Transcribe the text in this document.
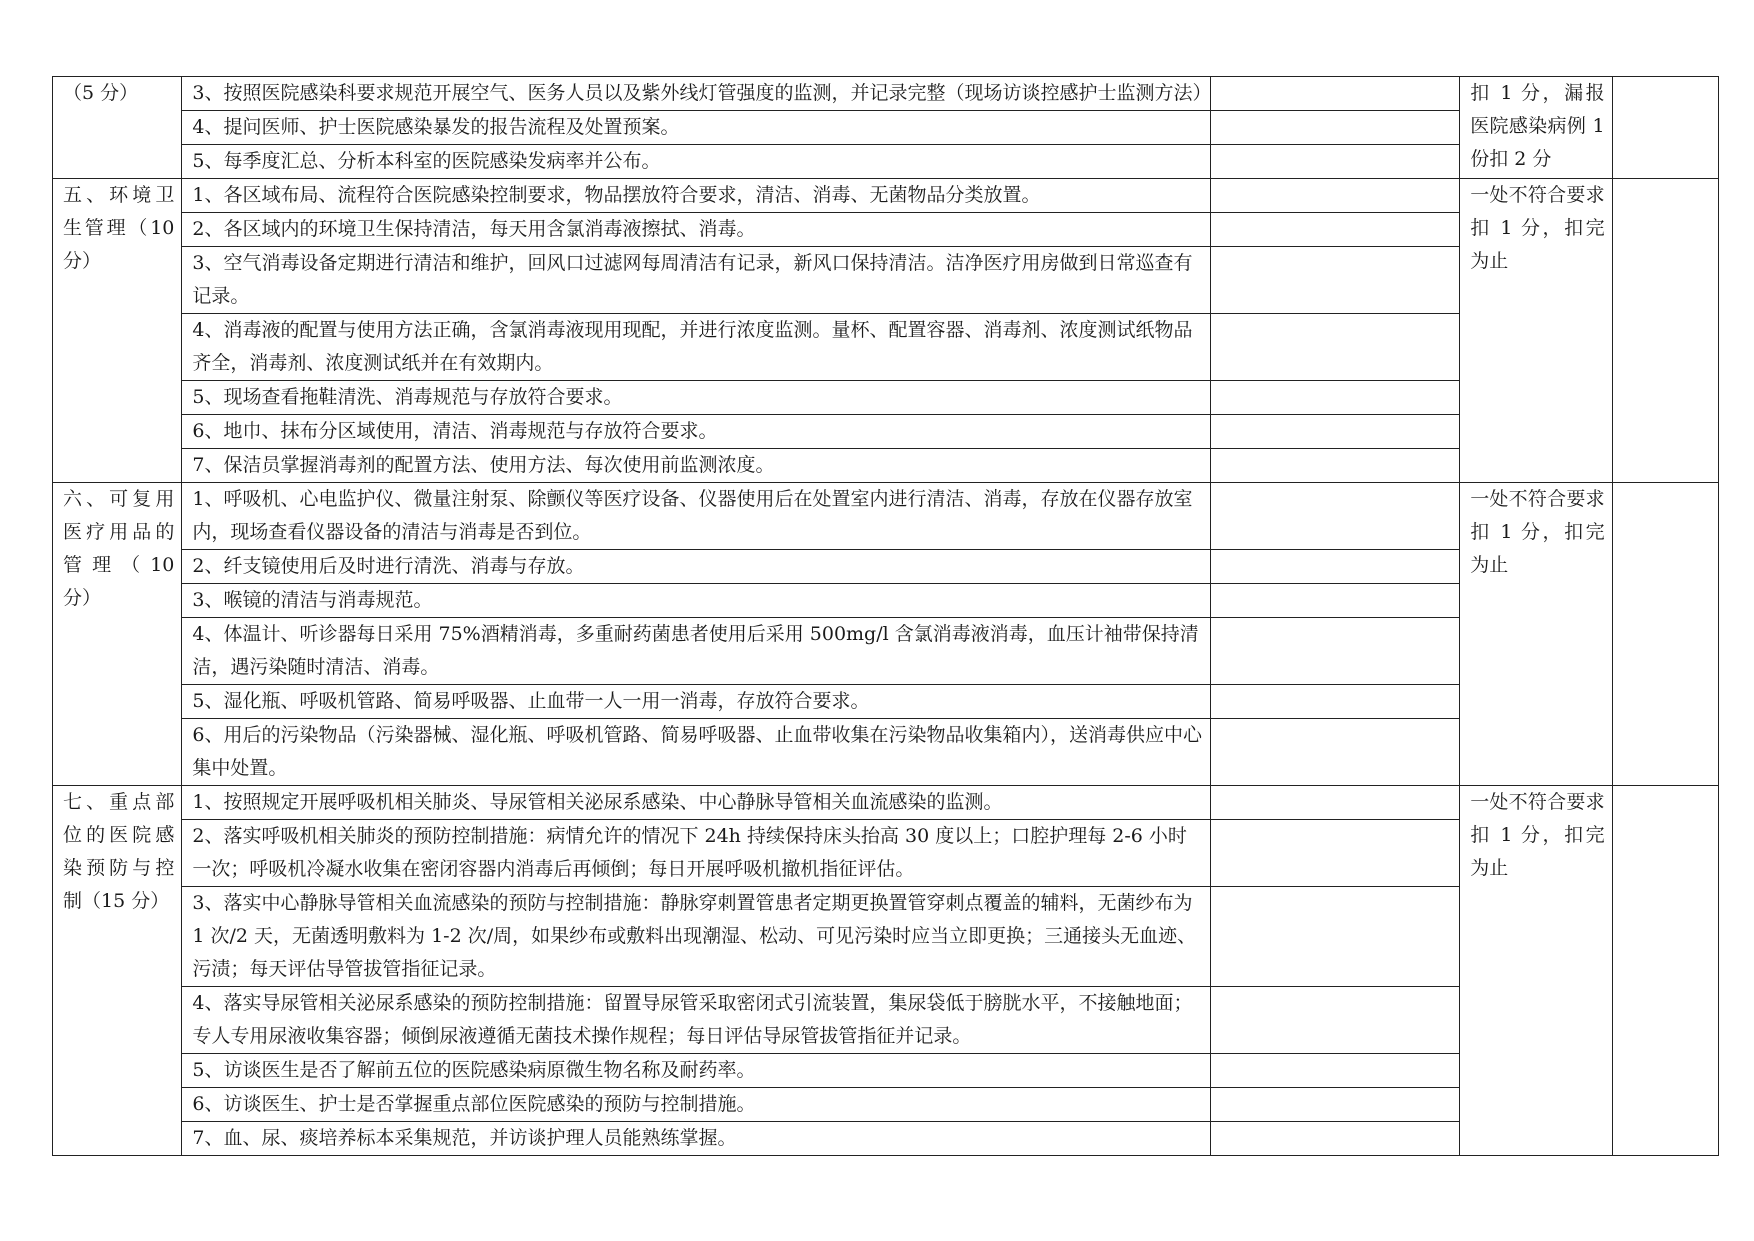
（5 分）	3、按照医院感染科要求规范开展空气、医务人员以及紫外线灯管强度的监测，并记录完整（现场访谈控感护士监测方法）		扣 1 分，漏报医院感染病例 1 份扣 2 分	
	4、提问医师、护士医院感染暴发的报告流程及处置预案。			
	5、每季度汇总、分析本科室的医院感染发病率并公布。			
五、环境卫生管理（10 分）	1、各区域布局、流程符合医院感染控制要求，物品摆放符合要求，清洁、消毒、无菌物品分类放置。		一处不符合要求扣 1 分，扣完为止	
	2、各区域内的环境卫生保持清洁，每天用含氯消毒液擦拭、消毒。			
	3、空气消毒设备定期进行清洁和维护，回风口过滤网每周清洁有记录，新风口保持清洁。洁净医疗用房做到日常巡查有记录。			
	4、消毒液的配置与使用方法正确，含氯消毒液现用现配，并进行浓度监测。量杯、配置容器、消毒剂、浓度测试纸物品齐全，消毒剂、浓度测试纸并在有效期内。			
	5、现场查看拖鞋清洗、消毒规范与存放符合要求。			
	6、地巾、抹布分区域使用，清洁、消毒规范与存放符合要求。			
	7、保洁员掌握消毒剂的配置方法、使用方法、每次使用前监测浓度。			
六、可复用医疗用品的管理（10 分）	1、呼吸机、心电监护仪、微量注射泵、除颤仪等医疗设备、仪器使用后在处置室内进行清洁、消毒，存放在仪器存放室内，现场查看仪器设备的清洁与消毒是否到位。		一处不符合要求扣 1 分，扣完为止	
	2、纤支镜使用后及时进行清洗、消毒与存放。			
	3、喉镜的清洁与消毒规范。			
	4、体温计、听诊器每日采用 75%酒精消毒，多重耐药菌患者使用后采用 500mg/l 含氯消毒液消毒，血压计袖带保持清洁，遇污染随时清洁、消毒。			
	5、湿化瓶、呼吸机管路、简易呼吸器、止血带一人一用一消毒，存放符合要求。			
	6、用后的污染物品（污染器械、湿化瓶、呼吸机管路、简易呼吸器、止血带收集在污染物品收集箱内），送消毒供应中心集中处置。			
七、重点部位的医院感染预防与控制（15 分）	1、按照规定开展呼吸机相关肺炎、导尿管相关泌尿系感染、中心静脉导管相关血流感染的监测。		一处不符合要求扣 1 分，扣完为止	
	2、落实呼吸机相关肺炎的预防控制措施：病情允许的情况下 24h 持续保持床头抬高 30 度以上；口腔护理每 2-6 小时一次；呼吸机冷凝水收集在密闭容器内消毒后再倾倒；每日开展呼吸机撤机指征评估。			
	3、落实中心静脉导管相关血流感染的预防与控制措施：静脉穿刺置管患者定期更换置管穿刺点覆盖的辅料，无菌纱布为 1 次/2 天，无菌透明敷料为 1-2 次/周，如果纱布或敷料出现潮湿、松动、可见污染时应当立即更换；三通接头无血迹、污渍；每天评估导管拔管指征记录。			
	4、落实导尿管相关泌尿系感染的预防控制措施：留置导尿管采取密闭式引流装置，集尿袋低于膀胱水平，不接触地面；专人专用尿液收集容器；倾倒尿液遵循无菌技术操作规程；每日评估导尿管拔管指征并记录。			
	5、访谈医生是否了解前五位的医院感染病原微生物名称及耐药率。			
	6、访谈医生、护士是否掌握重点部位医院感染的预防与控制措施。			
	7、血、尿、痰培养标本采集规范，并访谈护理人员能熟练掌握。			
